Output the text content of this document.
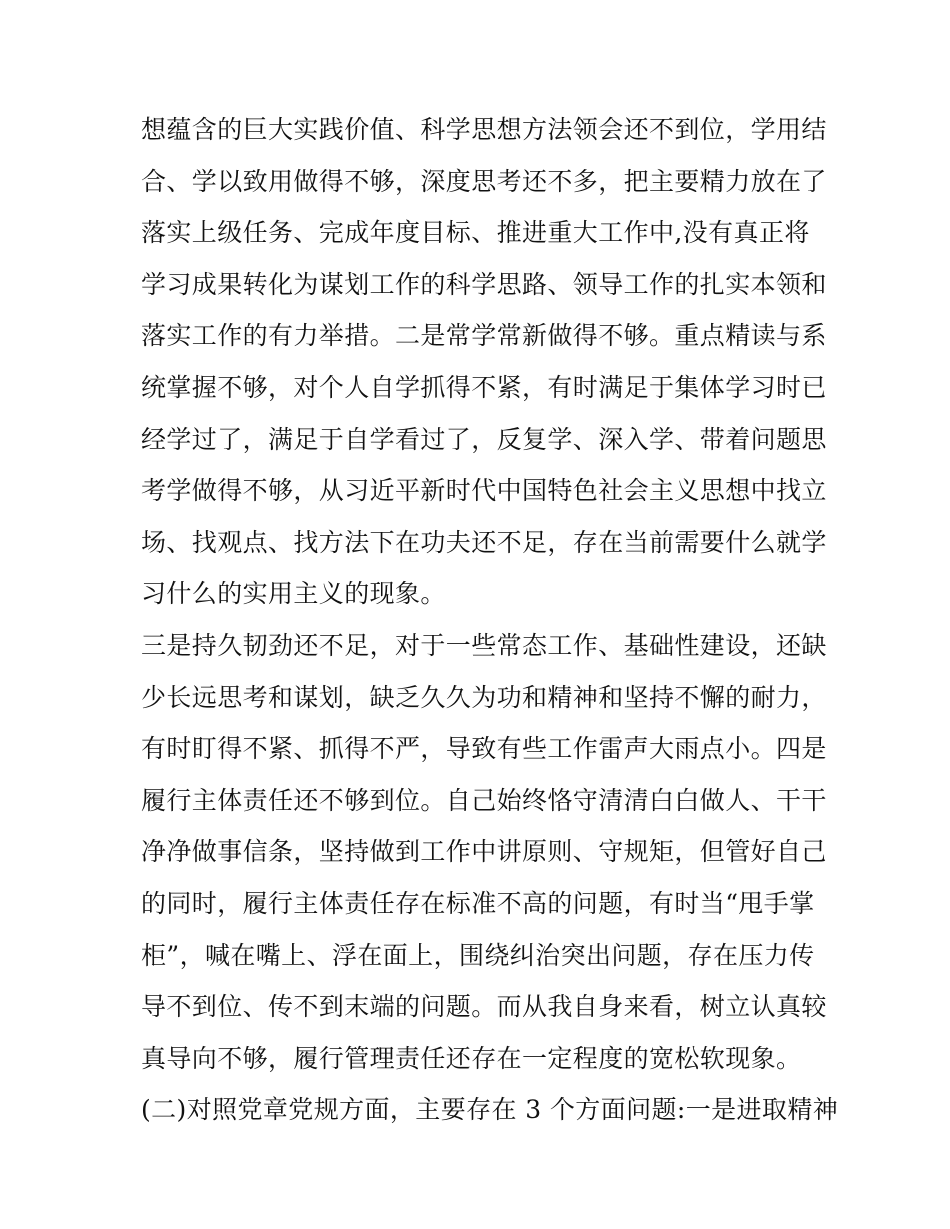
想蕴含的巨大实践价值、科学思想方法领会还不到位，学用结
合、学以致用做得不够，深度思考还不多，把主要精力放在了
落实上级任务、完成年度目标、推进重大工作中,没有真正将
学习成果转化为谋划工作的科学思路、领导工作的扎实本领和
落实工作的有力举措。二是常学常新做得不够。重点精读与系
统掌握不够，对个人自学抓得不紧，有时满足于集体学习时已
经学过了，满足于自学看过了，反复学、深入学、带着问题思
考学做得不够，从习近平新时代中国特色社会主义思想中找立
场、找观点、找方法下在功夫还不足，存在当前需要什么就学
习什么的实用主义的现象。
三是持久韧劲还不足，对于一些常态工作、基础性建设，还缺
少长远思考和谋划，缺乏久久为功和精神和坚持不懈的耐力，
有时盯得不紧、抓得不严，导致有些工作雷声大雨点小。四是
履行主体责任还不够到位。自己始终恪守清清白白做人、干干
净净做事信条，坚持做到工作中讲原则、守规矩，但管好自己
的同时，履行主体责任存在标准不高的问题，有时当“甩手掌
柜”，喊在嘴上、浮在面上，围绕纠治突出问题，存在压力传
导不到位、传不到末端的问题。而从我自身来看，树立认真较
真导向不够，履行管理责任还存在一定程度的宽松软现象。
(二)对照党章党规方面，主要存在 3 个方面问题:一是进取精神
